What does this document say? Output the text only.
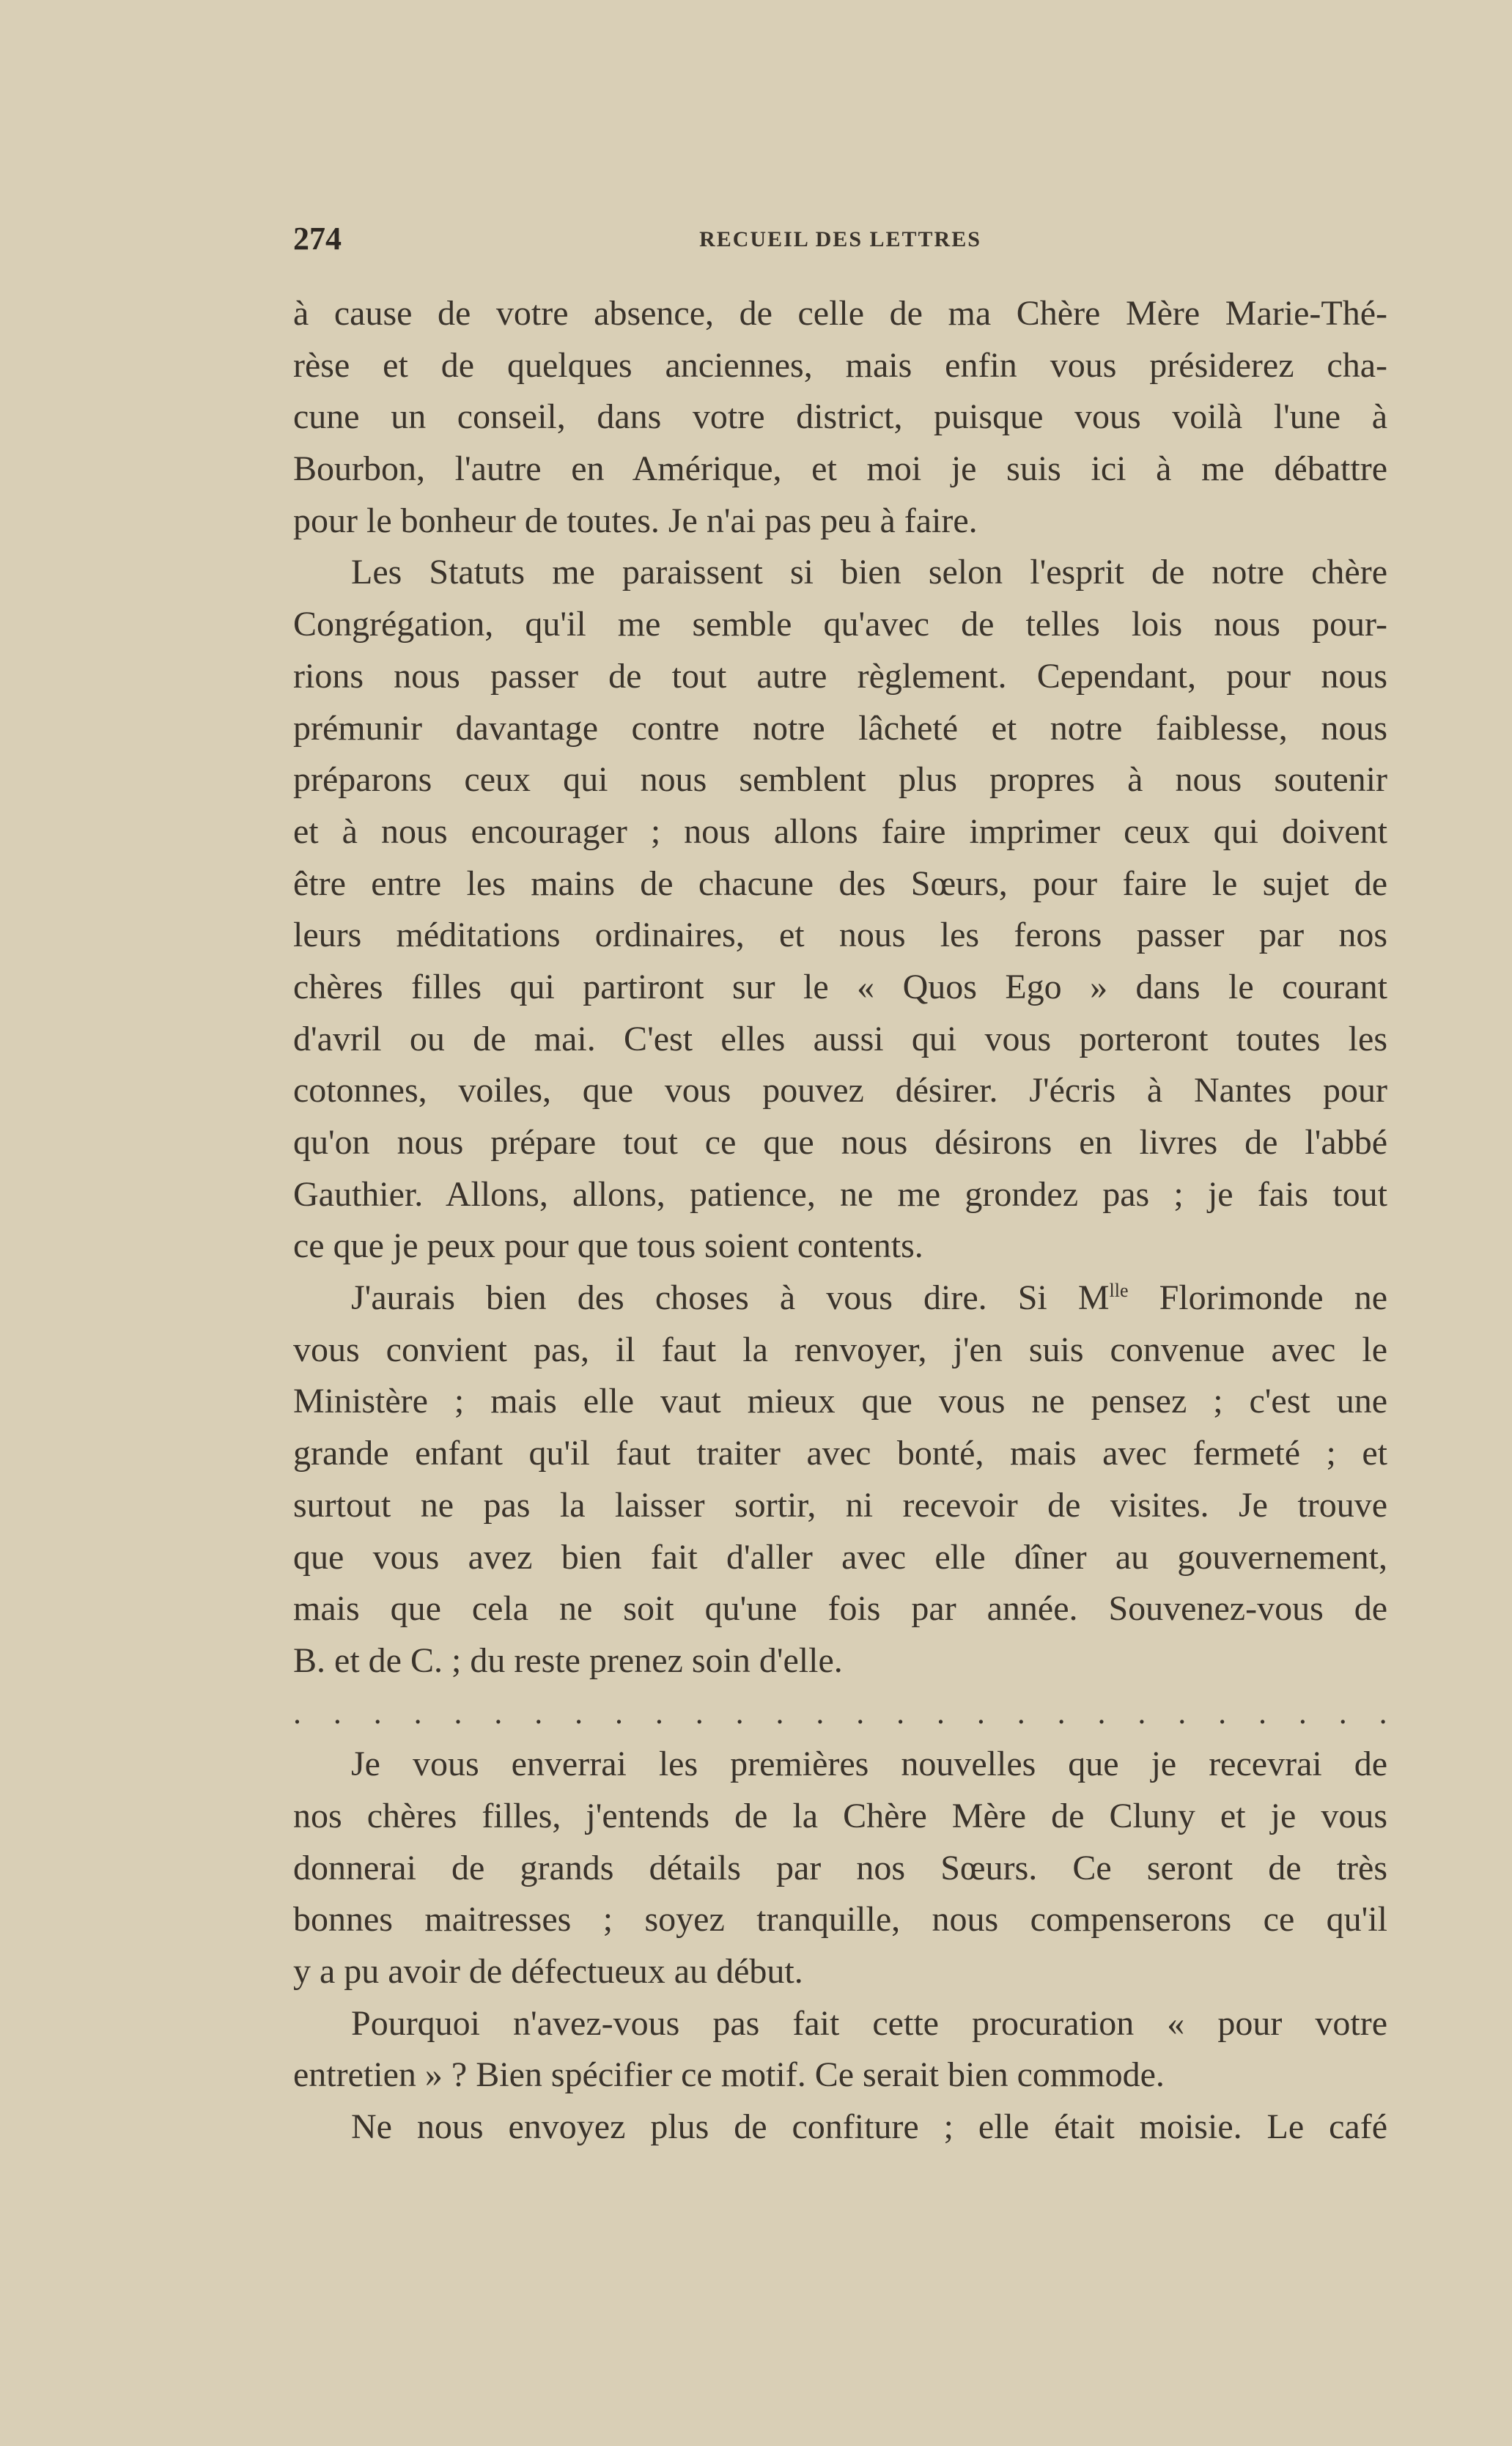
274	RECUEIL DES LETTRES
à cause de votre absence, de celle de ma Chère Mère Marie-Thé-
rèse et de quelques anciennes, mais enfin vous présiderez cha-
cune un conseil, dans votre district, puisque vous voilà l'une à
Bourbon, l'autre en Amérique, et moi je suis ici à me débattre
pour le bonheur de toutes. Je n'ai pas peu à faire.
Les Statuts me paraissent si bien selon l'esprit de notre chère
Congrégation, qu'il me semble qu'avec de telles lois nous pour-
rions nous passer de tout autre règlement. Cependant, pour nous
prémunir davantage contre notre lâcheté et notre faiblesse, nous
préparons ceux qui nous semblent plus propres à nous soutenir
et à nous encourager ; nous allons faire imprimer ceux qui doivent
être entre les mains de chacune des Sœurs, pour faire le sujet de
leurs méditations ordinaires, et nous les ferons passer par nos
chères filles qui partiront sur le « Quos Ego » dans le courant
d'avril ou de mai. C'est elles aussi qui vous porteront toutes les
cotonnes, voiles, que vous pouvez désirer. J'écris à Nantes pour
qu'on nous prépare tout ce que nous désirons en livres de l'abbé
Gauthier. Allons, allons, patience, ne me grondez pas ; je fais tout
ce que je peux pour que tous soient contents.
J'aurais bien des choses à vous dire. Si $M^{lle}$ Florimonde ne
vous convient pas, il faut la renvoyer, j'en suis convenue avec le
Ministère ; mais elle vaut mieux que vous ne pensez ; c'est une
grande enfant qu'il faut traiter avec bonté, mais avec fermeté ; et
surtout ne pas la laisser sortir, ni recevoir de visites. Je trouve
que vous avez bien fait d'aller avec elle dîner au gouvernement,
mais que cela ne soit qu'une fois par année. Souvenez-vous de
B. et de C. ; du reste prenez soin d'elle.
. . . . . . . . . . . . . . . . . . . . . . . . . . . .
Je vous enverrai les premières nouvelles que je recevrai de
nos chères filles, j'entends de la Chère Mère de Cluny et je vous
donnerai de grands détails par nos Sœurs. Ce seront de très
bonnes maitresses ; soyez tranquille, nous compenserons ce qu'il
y a pu avoir de défectueux au début.
Pourquoi n'avez-vous pas fait cette procuration « pour votre
entretien » ? Bien spécifier ce motif. Ce serait bien commode.
Ne nous envoyez plus de confiture ; elle était moisie. Le café
